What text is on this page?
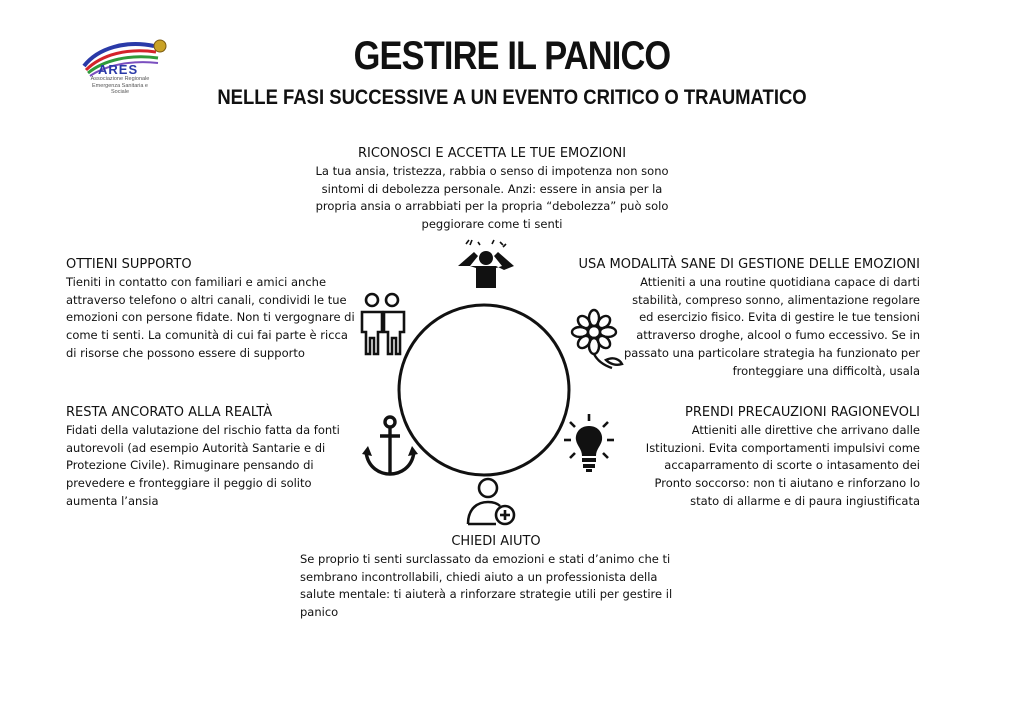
ARES
Associazione Regionale Emergenza Sanitaria e Sociale
GESTIRE IL PANICO
NELLE FASI SUCCESSIVE A UN EVENTO CRITICO O TRAUMATICO
RICONOSCI E ACCETTA LE TUE EMOZIONI
La tua ansia, tristezza, rabbia o senso di impotenza non sono sintomi di debolezza personale. Anzi: essere in ansia per la propria ansia o arrabbiati per la propria “debolezza” può solo peggiorare come ti senti
OTTIENI SUPPORTO
Tieniti in contatto con familiari e amici anche attraverso telefono o altri canali, condividi le tue emozioni con persone fidate. Non ti vergognare di come ti senti. La comunità di cui fai parte è ricca di risorse che possono essere di supporto
USA MODALITÀ SANE DI GESTIONE DELLE EMOZIONI
Attieniti a una routine quotidiana capace di darti stabilità, compreso sonno, alimentazione regolare ed esercizio fisico. Evita di gestire le tue tensioni attraverso droghe, alcool o fumo eccessivo. Se in passato una particolare strategia ha funzionato per fronteggiare una difficoltà, usala
RESTA ANCORATO ALLA REALTÀ
Fidati della valutazione del rischio fatta da fonti autorevoli (ad esempio Autorità Santarie e di Protezione Civile). Rimuginare pensando di prevedere e fronteggiare il peggio di solito aumenta l’ansia
PRENDI PRECAUZIONI RAGIONEVOLI
Attieniti alle direttive che arrivano dalle Istituzioni. Evita comportamenti impulsivi come accaparramento di scorte o intasamento dei Pronto soccorso: non ti aiutano e rinforzano lo stato di allarme e di paura ingiustificata
CHIEDI AIUTO
Se proprio ti senti surclassato da emozioni e stati d’animo che ti sembrano incontrollabili, chiedi aiuto a un professionista della salute mentale: ti aiuterà a rinforzare strategie utili per gestire il panico
